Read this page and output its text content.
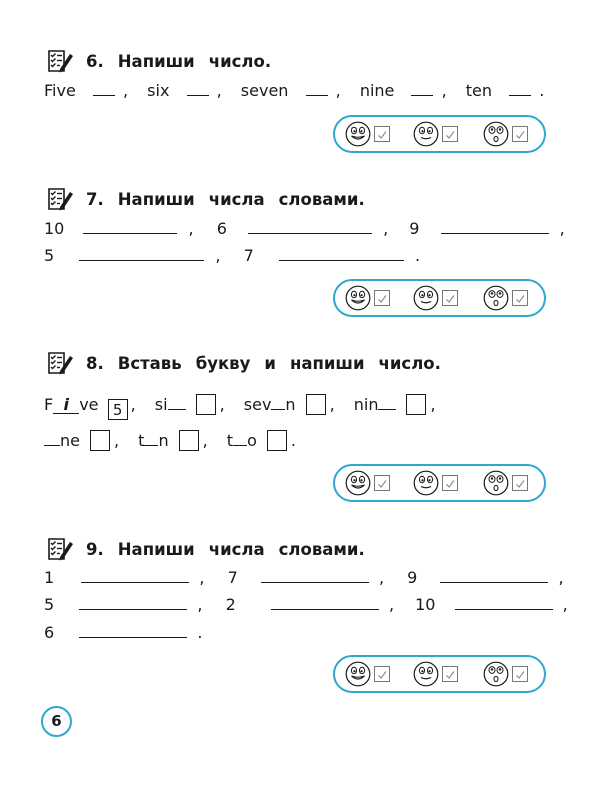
6. Напиши число.
Five	, six	, seven	, nine	, ten	.
7. Напиши числа словами.
10	, 6	, 9	,
5	, 7	.
8. Вставь букву и напиши число.
F i ve 5 , si	, sev n , nin	,
ne , t n , t o .
9. Напиши числа словами.
1	, 7	, 9	,
5	, 2	, 10	,
6	.
6
